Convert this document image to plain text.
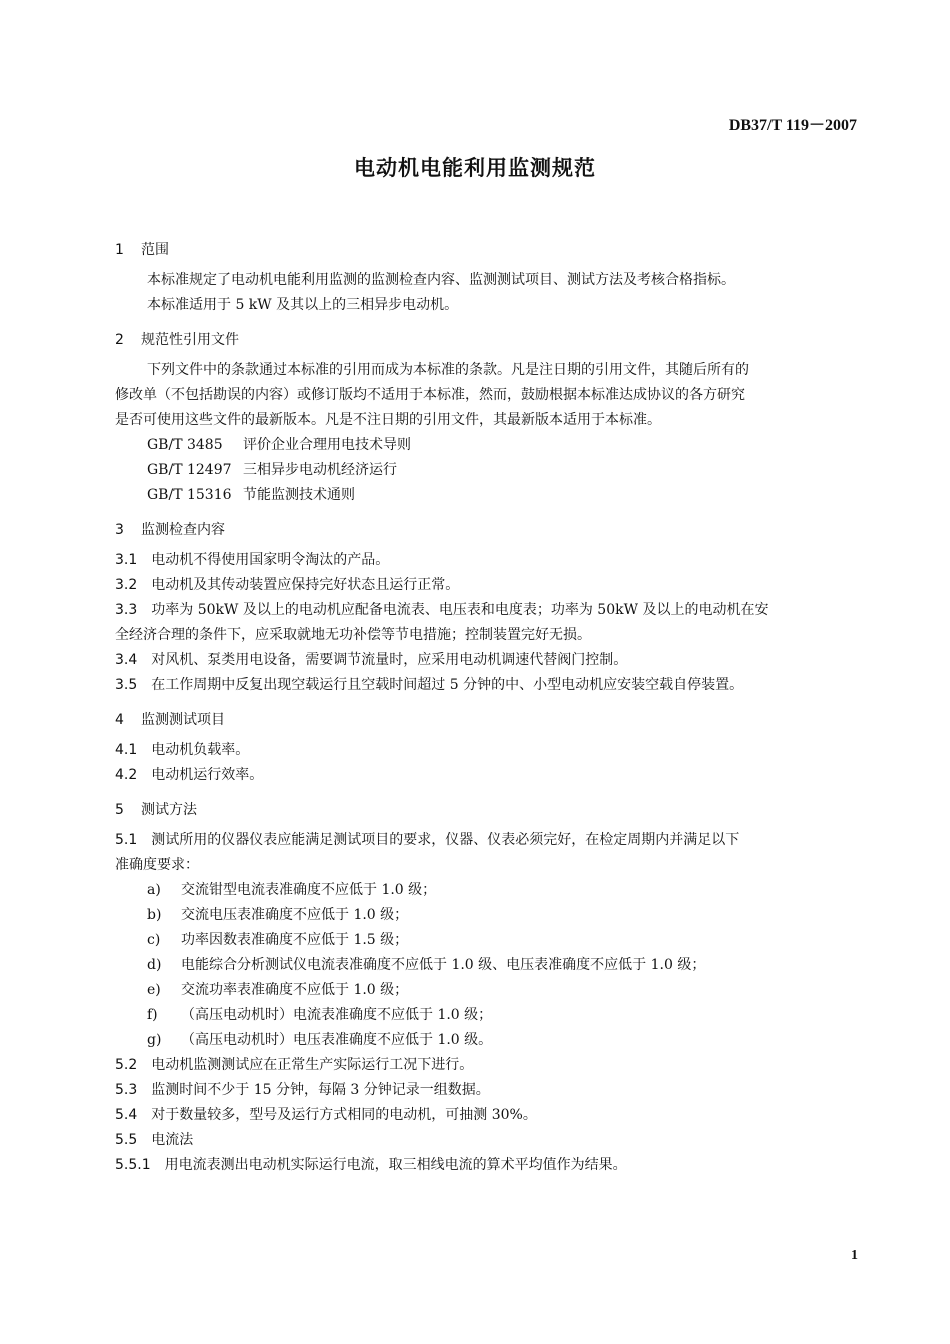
DB37/T 119－2007
电动机电能利用监测规范
1 范围
本标准规定了电动机电能利用监测的监测检查内容、监测测试项目、测试方法及考核合格指标。
本标准适用于 5 kW 及其以上的三相异步电动机。
2 规范性引用文件
下列文件中的条款通过本标准的引用而成为本标准的条款。凡是注日期的引用文件，其随后所有的
修改单（不包括勘误的内容）或修订版均不适用于本标准，然而，鼓励根据本标准达成协议的各方研究
是否可使用这些文件的最新版本。凡是不注日期的引用文件，其最新版本适用于本标准。
GB/T 3485 评价企业合理用电技术导则
GB/T 12497 三相异步电动机经济运行
GB/T 15316 节能监测技术通则
3 监测检查内容
3.1　 电动机不得使用国家明令淘汰的产品。
3.2　 电动机及其传动装置应保持完好状态且运行正常。
3.3　 功率为 50kW 及以上的电动机应配备电流表、电压表和电度表；功率为 50kW 及以上的电动机在安
全经济合理的条件下，应采取就地无功补偿等节电措施；控制装置完好无损。
3.4　 对风机、泵类用电设备，需要调节流量时，应采用电动机调速代替阀门控制。
3.5　 在工作周期中反复出现空载运行且空载时间超过 5 分钟的中、小型电动机应安装空载自停装置。
4 监测测试项目
4.1　 电动机负载率。
4.2　 电动机运行效率。
5 测试方法
5.1　 测试所用的仪器仪表应能满足测试项目的要求，仪器、仪表必须完好，在检定周期内并满足以下
准确度要求：
a) 交流钳型电流表准确度不应低于 1.0 级；
b) 交流电压表准确度不应低于 1.0 级；
c) 功率因数表准确度不应低于 1.5 级；
d) 电能综合分析测试仪电流表准确度不应低于 1.0 级、电压表准确度不应低于 1.0 级；
e) 交流功率表准确度不应低于 1.0 级；
f) （高压电动机时）电流表准确度不应低于 1.0 级；
g) （高压电动机时）电压表准确度不应低于 1.0 级。
5.2　 电动机监测测试应在正常生产实际运行工况下进行。
5.3　 监测时间不少于 15 分钟，每隔 3 分钟记录一组数据。
5.4　 对于数量较多，型号及运行方式相同的电动机，可抽测 30%。
5.5　 电流法
5.5.1　 用电流表测出电动机实际运行电流，取三相线电流的算术平均值作为结果。
1
